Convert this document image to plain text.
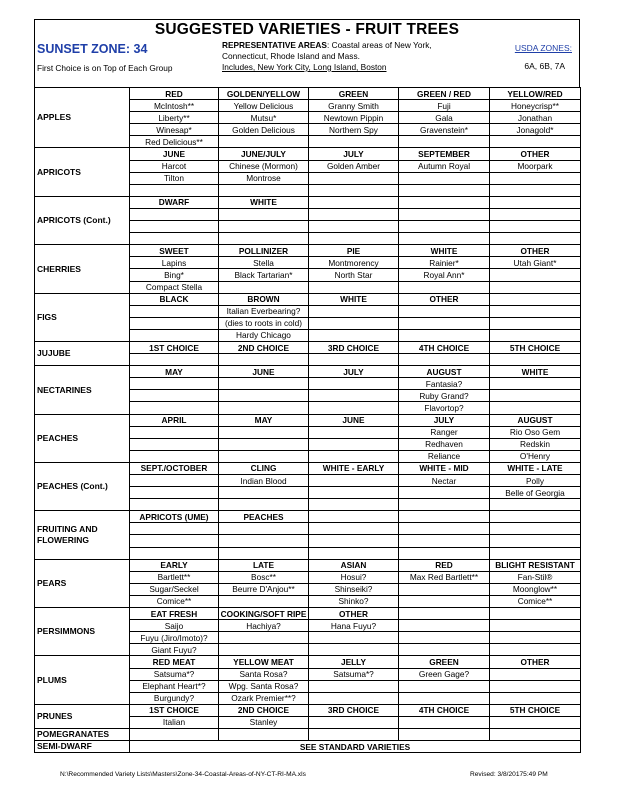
SUGGESTED VARIETIES - FRUIT TREES
SUNSET ZONE: 34
First Choice is on Top of Each Group
REPRESENTATIVE AREAS: Coastal areas of New York,
Connecticut, Rhode Island and Mass.
Includes, New York City, Long Island, Boston
USDA ZONES:
6A, 6B, 7A
APPLES	RED	GOLDEN/YELLOW	GREEN	GREEN / RED	YELLOW/RED
	McIntosh**	Yellow Delicious	Granny Smith	Fuji	Honeycrisp**
	Liberty**	Mutsu*	Newtown Pippin	Gala	Jonathan
	Winesap*	Golden Delicious	Northern Spy	Gravenstein*	Jonagold*
	Red Delicious**				
APRICOTS	JUNE	JUNE/JULY	JULY	SEPTEMBER	OTHER
	Harcot	Chinese (Mormon)	Golden Amber	Autumn Royal	Moorpark
	Tilton	Montrose			

APRICOTS (Cont.)	DWARF	WHITE			

CHERRIES	SWEET	POLLINIZER	PIE	WHITE	OTHER
	Lapins	Stella	Montmorency	Rainier*	Utah Giant*
	Bing*	Black Tartarian*	North Star	Royal Ann*	
	Compact Stella				
FIGS	BLACK	BROWN	WHITE	OTHER	
		Italian Everbearing?			
		(dies to roots in cold)			
		Hardy Chicago			
JUJUBE	1ST CHOICE	2ND CHOICE	3RD CHOICE	4TH CHOICE	5TH CHOICE

NECTARINES	MAY	JUNE	JULY	AUGUST	WHITE
				Fantasia?	
				Ruby Grand?	
				Flavortop?	
PEACHES	APRIL	MAY	JUNE	JULY	AUGUST
				Ranger	Rio Oso Gem
				Redhaven	Redskin
				Reliance	O'Henry
PEACHES (Cont.)	SEPT./OCTOBER	CLING	WHITE - EARLY	WHITE - MID	WHITE - LATE
		Indian Blood		Nectar	Polly
					Belle of Georgia

FRUITING AND FLOWERING	APRICOTS (UME)	PEACHES			

PEARS	EARLY	LATE	ASIAN	RED	BLIGHT RESISTANT
	Bartlett**	Bosc**	Hosui?	Max Red Bartlett**	Fan-Stil®
	Sugar/Seckel	Beurre D'Anjou**	Shinseiki?		Moonglow**
	Comice**		Shinko?		Comice**
PERSIMMONS	EAT FRESH	COOKING/SOFT RIPE	OTHER		
	Saijo	Hachiya?	Hana Fuyu?		
	Fuyu (Jiro/Imoto)?				
	Giant Fuyu?				
PLUMS	RED MEAT	YELLOW MEAT	JELLY	GREEN	OTHER
	Satsuma*?	Santa Rosa?	Satsuma*?	Green Gage?	
	Elephant Heart*?	Wpg. Santa Rosa?			
	Burgundy?	Ozark Premier**?			
PRUNES	1ST CHOICE	2ND CHOICE	3RD CHOICE	4TH CHOICE	5TH CHOICE
	Italian	Stanley			
POMEGRANATES					
SEMI-DWARF	SEE STANDARD VARIETIES				
N:\Recommended Variety Lists\Masters\Zone-34-Coastal-Areas-of-NY-CT-RI-MA.xls	Revised: 3/8/20175:49 PM
